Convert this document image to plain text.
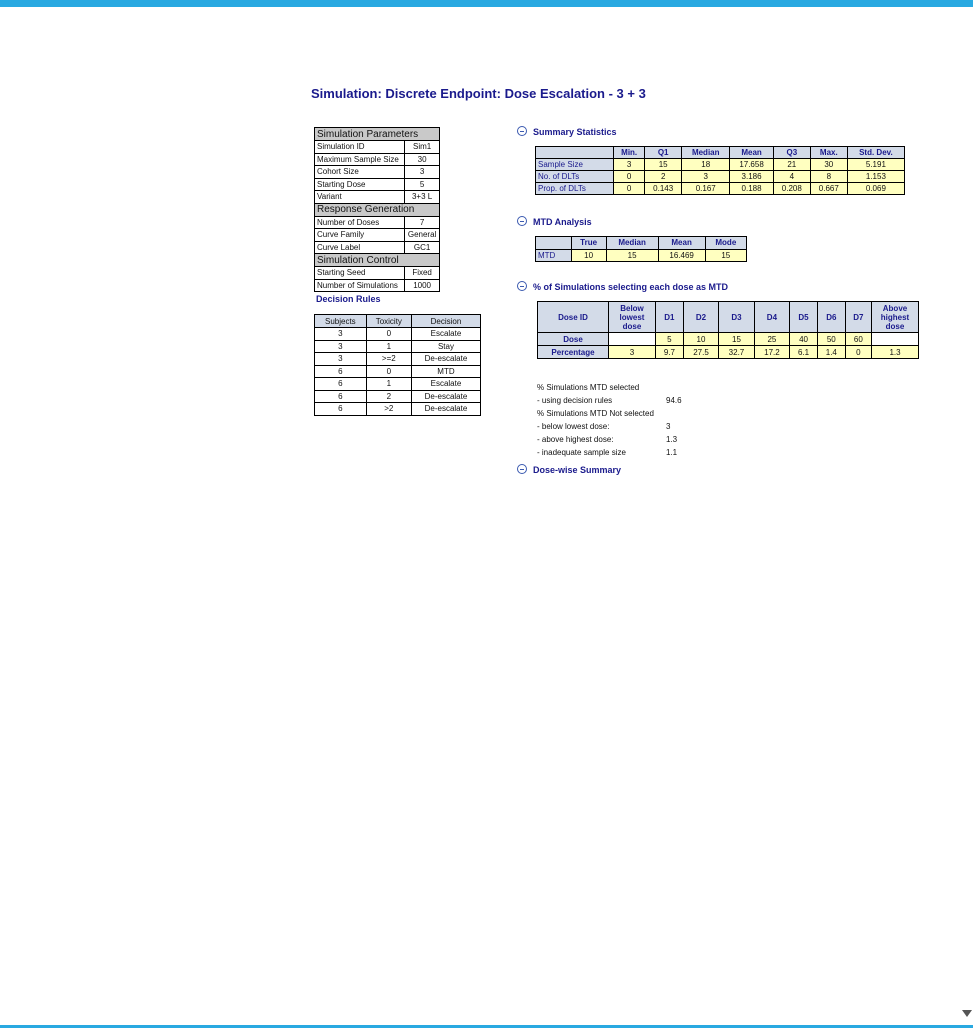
Simulation: Discrete Endpoint: Dose Escalation - 3 + 3
Simulation Parameters	
Simulation ID	Sim1
Maximum Sample Size	30
Cohort Size	3
Starting Dose	5
Variant	3+3 L
Response Generation	
Number of Doses	7
Curve Family	General
Curve Label	GC1
Simulation Control	
Starting Seed	Fixed
Number of Simulations	1000
Decision Rules
Subjects	Toxicity	Decision
3	0	Escalate
3	1	Stay
3	>=2	De-escalate
6	0	MTD
6	1	Escalate
6	2	De-escalate
6	>2	De-escalate
Summary Statistics
	Min.	Q1	Median	Mean	Q3	Max.	Std. Dev.
Sample Size	3	15	18	17.658	21	30	5.191
No. of DLTs	0	2	3	3.186	4	8	1.153
Prop. of DLTs	0	0.143	0.167	0.188	0.208	0.667	0.069
MTD Analysis
	True	Median	Mean	Mode
MTD	10	15	16.469	15
% of Simulations selecting each dose as MTD
Dose ID	Below lowest dose	D1	D2	D3	D4	D5	D6	D7	Above highest dose
Dose		5	10	15	25	40	50	60	
Percentage	3	9.7	27.5	32.7	17.2	6.1	1.4	0	1.3
% Simulations MTD selected
- using decision rules	94.6
% Simulations MTD Not selected
- below lowest dose:	3
- above highest dose:	1.3
- inadequate sample size	1.1
Dose-wise Summary
